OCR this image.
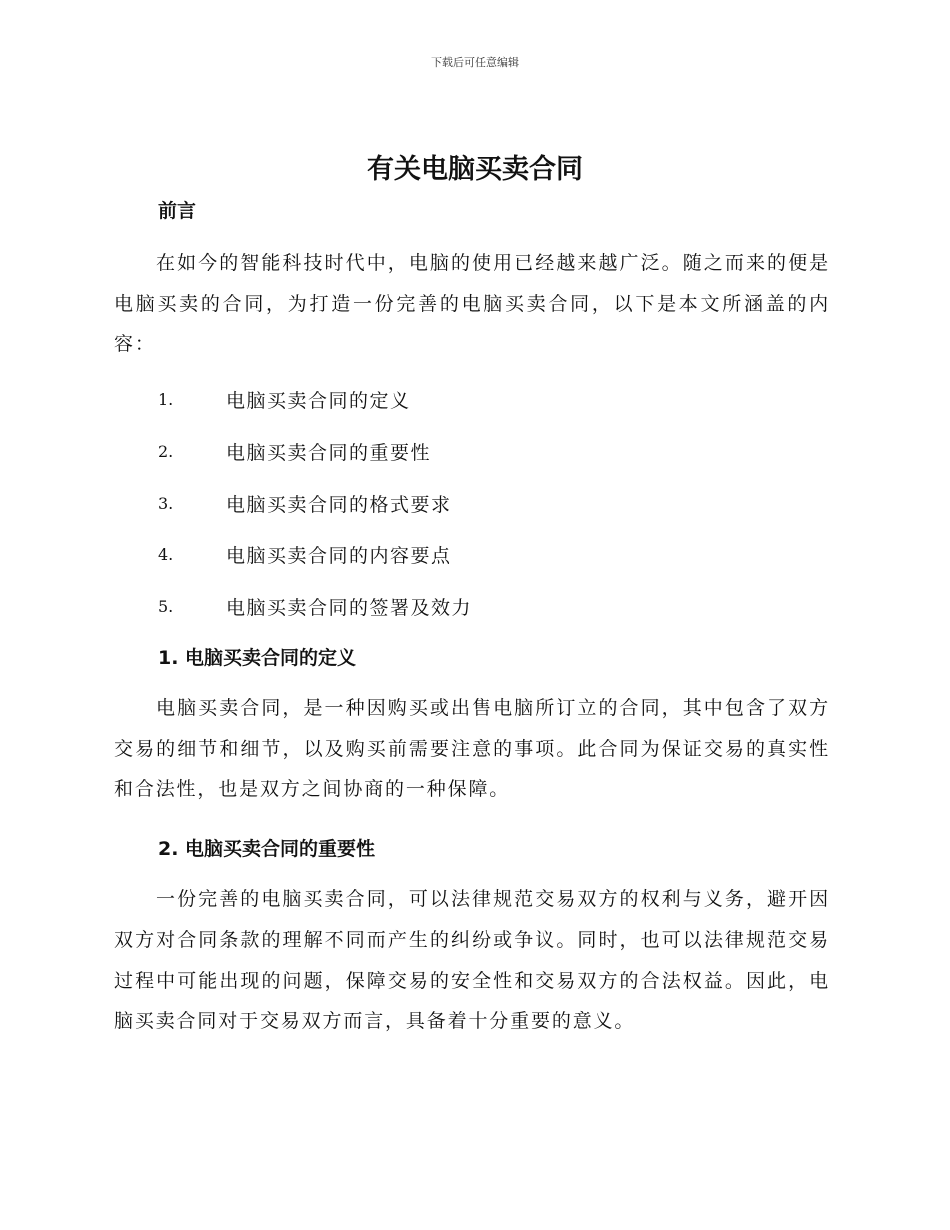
下载后可任意编辑
有关电脑买卖合同
前言

在如今的智能科技时代中，电脑的使用已经越来越广泛。随之而来的便是电脑买卖的合同，为打造一份完善的电脑买卖合同，以下是本文所涵盖的内容：

1.	电脑买卖合同的定义
2.	电脑买卖合同的重要性
3.	电脑买卖合同的格式要求
4.	电脑买卖合同的内容要点
5.	电脑买卖合同的签署及效力
1. 电脑买卖合同的定义

电脑买卖合同，是一种因购买或出售电脑所订立的合同，其中包含了双方交易的细节和细节，以及购买前需要注意的事项。此合同为保证交易的真实性和合法性，也是双方之间协商的一种保障。

2. 电脑买卖合同的重要性

一份完善的电脑买卖合同，可以法律规范交易双方的权利与义务，避开因双方对合同条款的理解不同而产生的纠纷或争议。同时，也可以法律规范交易过程中可能出现的问题，保障交易的安全性和交易双方的合法权益。因此，电脑买卖合同对于交易双方而言，具备着十分重要的意义。
